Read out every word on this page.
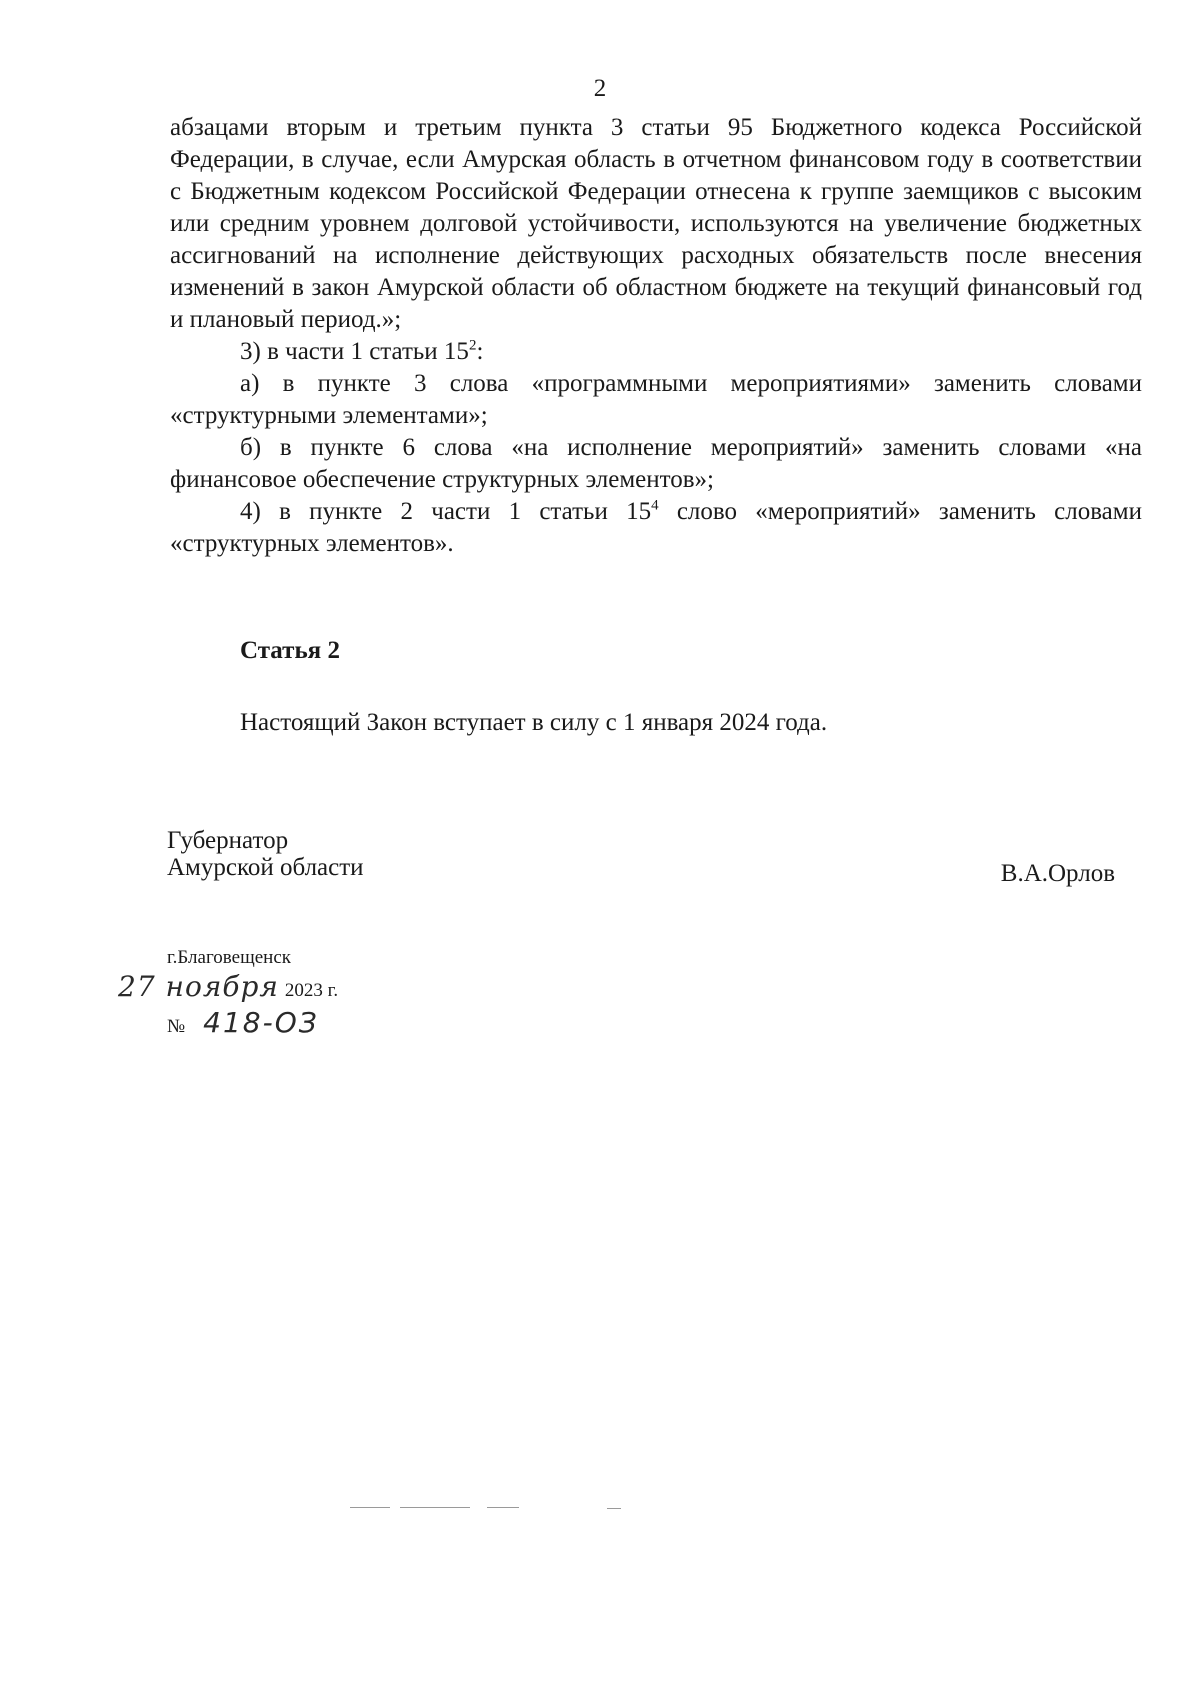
2

абзацами вторым и третьим пункта 3 статьи 95 Бюджетного кодекса Российской Федерации, в случае, если Амурская область в отчетном финансовом году в соответствии с Бюджетным кодексом Российской Федерации отнесена к группе заемщиков с высоким или средним уровнем долговой устойчивости, используются на увеличение бюджетных ассигнований на исполнение действующих расходных обязательств после внесения изменений в закон Амурской области об областном бюджете на текущий финансовый год и плановый период.»;

3) в части 1 статьи $15^2$:

а) в пункте 3 слова «программными мероприятиями» заменить словами «структурными элементами»;

б) в пункте 6 слова «на исполнение мероприятий» заменить словами «на финансовое обеспечение структурных элементов»;

4) в пункте 2 части 1 статьи $15^4$ слово «мероприятий» заменить словами «структурных элементов».

Статья 2

Настоящий Закон вступает в силу с 1 января 2024 года.

Губернатор
Амурской области	В.А.Орлов
г.Благовещенск
27 ноября 2023 г.
№ 418-ОЗ
